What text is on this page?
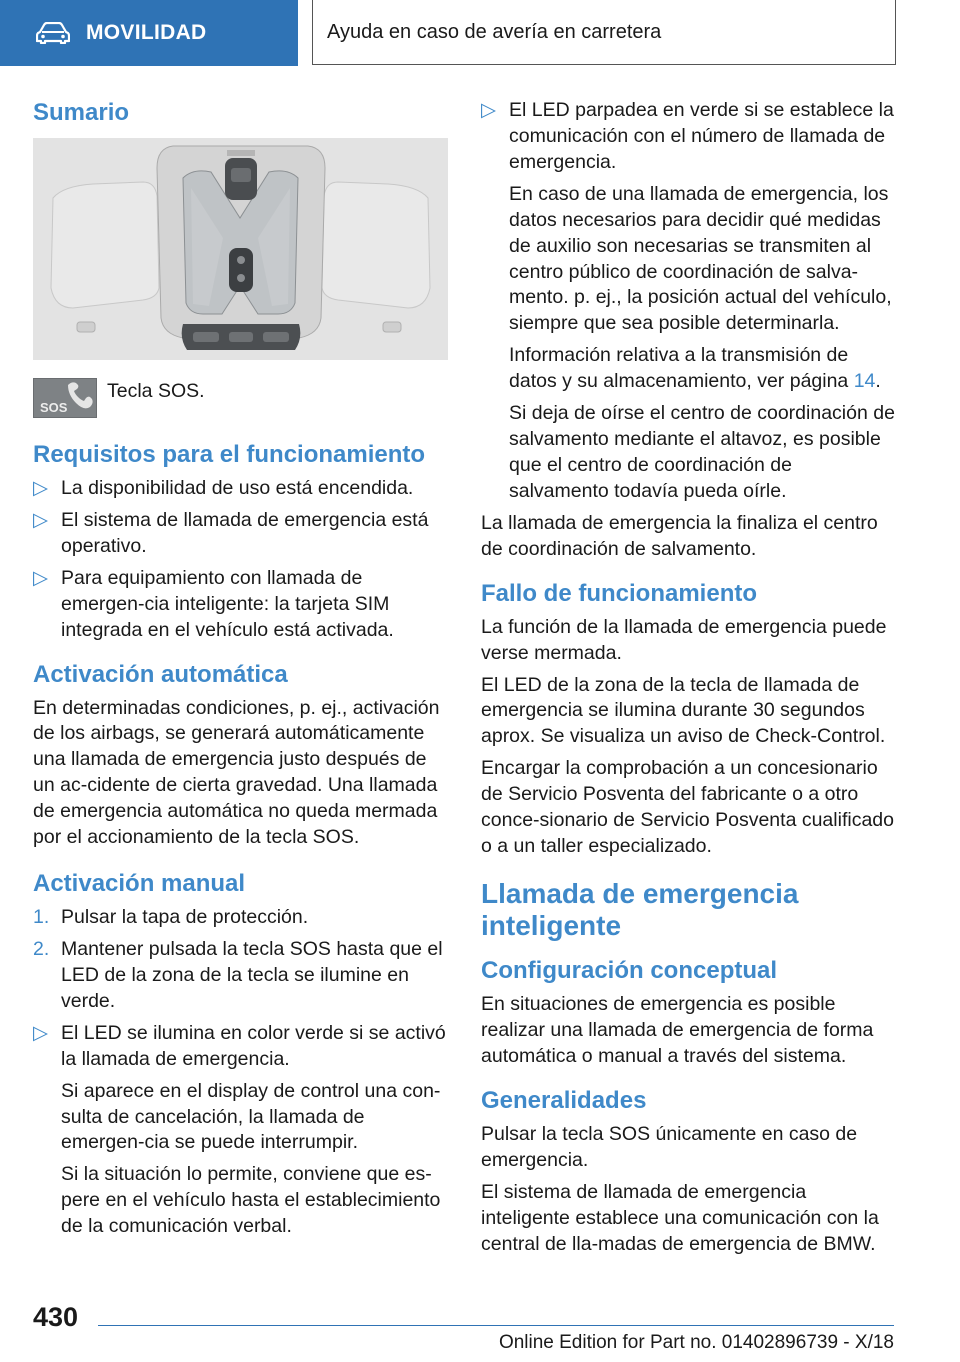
MOVILIDAD	Ayuda en caso de avería en carretera
Sumario
SOS
Tecla SOS.
Requisitos para el funcionamiento
▷ La disponibilidad de uso está encendida.
▷ El sistema de llamada de emergencia está operativo.
▷ Para equipamiento con llamada de emergen‐cia inteligente: la tarjeta SIM integrada en el vehículo está activada.
Activación automática

En determinadas condiciones, p. ej., activación de los airbags, se generará automáticamente una llamada de emergencia justo después de un ac‐cidente de cierta gravedad. Una llamada de emergencia automática no queda mermada por el accionamiento de la tecla SOS.

Activación manual
1. Pulsar la tapa de protección.
2. Mantener pulsada la tecla SOS hasta que el LED de la zona de la tecla se ilumine en verde.
▷ El LED se ilumina en color verde si se activó la llamada de emergencia.

Si aparece en el display de control una con‐sulta de cancelación, la llamada de emergen‐cia se puede interrumpir.

Si la situación lo permite, conviene que es‐pere en el vehículo hasta el establecimiento de la comunicación verbal.

▷ El LED parpadea en verde si se establece la comunicación con el número de llamada de emergencia.

En caso de una llamada de emergencia, los datos necesarios para decidir qué medidas de auxilio son necesarias se transmiten al centro público de coordinación de salva‐mento. p. ej., la posición actual del vehículo, siempre que sea posible determinarla.

Información relativa a la transmisión de datos y su almacenamiento, ver página 14.

Si deja de oírse el centro de coordinación de salvamento mediante el altavoz, es posible que el centro de coordinación de salvamento todavía pueda oírle.

La llamada de emergencia la finaliza el centro de coordinación de salvamento.

Fallo de funcionamiento

La función de la llamada de emergencia puede verse mermada.

El LED de la zona de la tecla de llamada de emergencia se ilumina durante 30 segundos aprox. Se visualiza un aviso de Check-Control.

Encargar la comprobación a un concesionario de Servicio Posventa del fabricante o a otro conce‐sionario de Servicio Posventa cualificado o a un taller especializado.

Llamada de emergencia inteligente
Configuración conceptual

En situaciones de emergencia es posible realizar una llamada de emergencia de forma automática o manual a través del sistema.

Generalidades

Pulsar la tecla SOS únicamente en caso de emergencia.

El sistema de llamada de emergencia inteligente establece una comunicación con la central de lla‐madas de emergencia de BMW.

430
Online Edition for Part no. 01402896739 - X/18
